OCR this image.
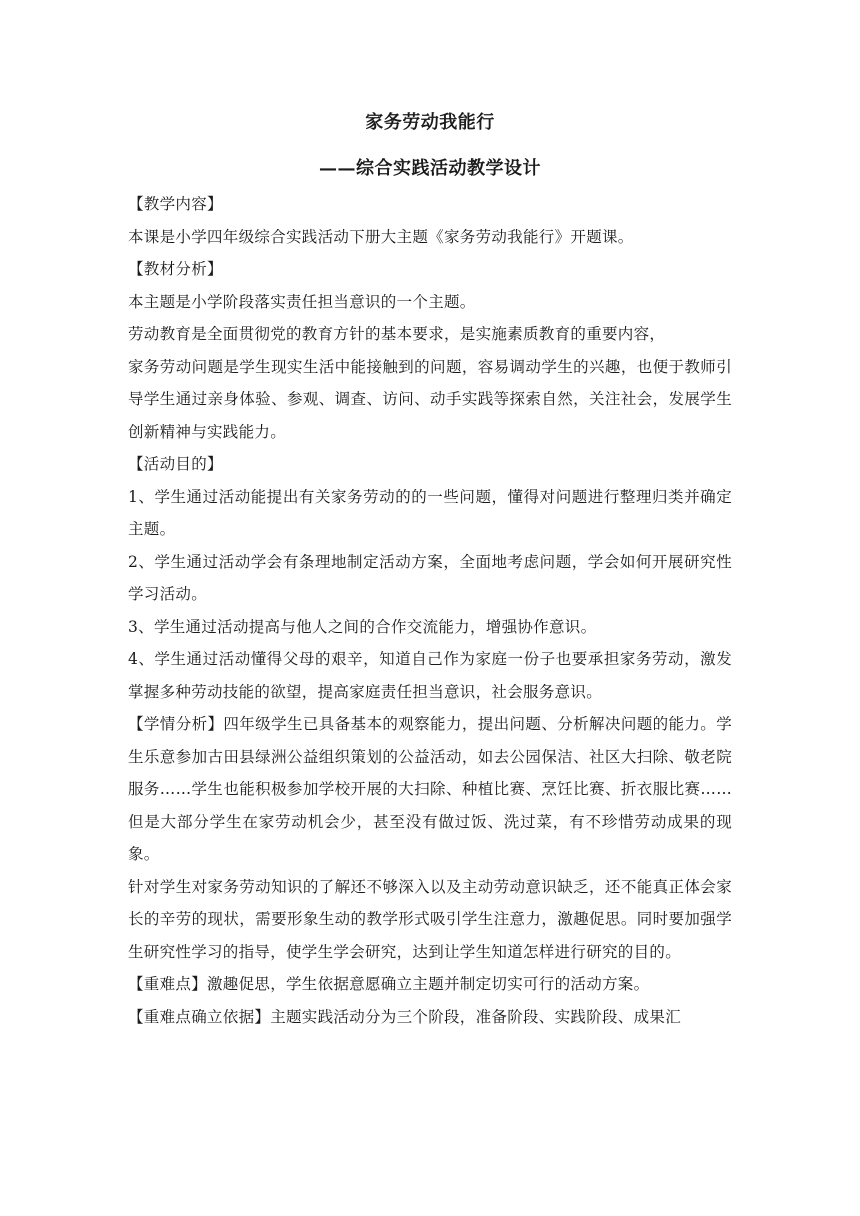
家务劳动我能行
——综合实践活动教学设计

【教学内容】

本课是小学四年级综合实践活动下册大主题《家务劳动我能行》开题课。

【教材分析】

本主题是小学阶段落实责任担当意识的一个主题。

劳动教育是全面贯彻党的教育方针的基本要求，是实施素质教育的重要内容，

家务劳动问题是学生现实生活中能接触到的问题，容易调动学生的兴趣，也便于教师引导学生通过亲身体验、参观、调查、访问、动手实践等探索自然，关注社会，发展学生创新精神与实践能力。

【活动目的】

1、学生通过活动能提出有关家务劳动的的一些问题，懂得对问题进行整理归类并确定主题。

2、学生通过活动学会有条理地制定活动方案，全面地考虑问题，学会如何开展研究性学习活动。

3、学生通过活动提高与他人之间的合作交流能力，增强协作意识。

4、学生通过活动懂得父母的艰辛，知道自己作为家庭一份子也要承担家务劳动，激发掌握多种劳动技能的欲望，提高家庭责任担当意识，社会服务意识。

【学情分析】四年级学生已具备基本的观察能力，提出问题、分析解决问题的能力。学生乐意参加古田县绿洲公益组织策划的公益活动，如去公园保洁、社区大扫除、敬老院服务……学生也能积极参加学校开展的大扫除、种植比赛、烹饪比赛、折衣服比赛……但是大部分学生在家劳动机会少，甚至没有做过饭、洗过菜，有不珍惜劳动成果的现象。

针对学生对家务劳动知识的了解还不够深入以及主动劳动意识缺乏，还不能真正体会家长的辛劳的现状，需要形象生动的教学形式吸引学生注意力，激趣促思。同时要加强学生研究性学习的指导，使学生学会研究，达到让学生知道怎样进行研究的目的。

【重难点】激趣促思，学生依据意愿确立主题并制定切实可行的活动方案。

【重难点确立依据】主题实践活动分为三个阶段，准备阶段、实践阶段、成果汇
